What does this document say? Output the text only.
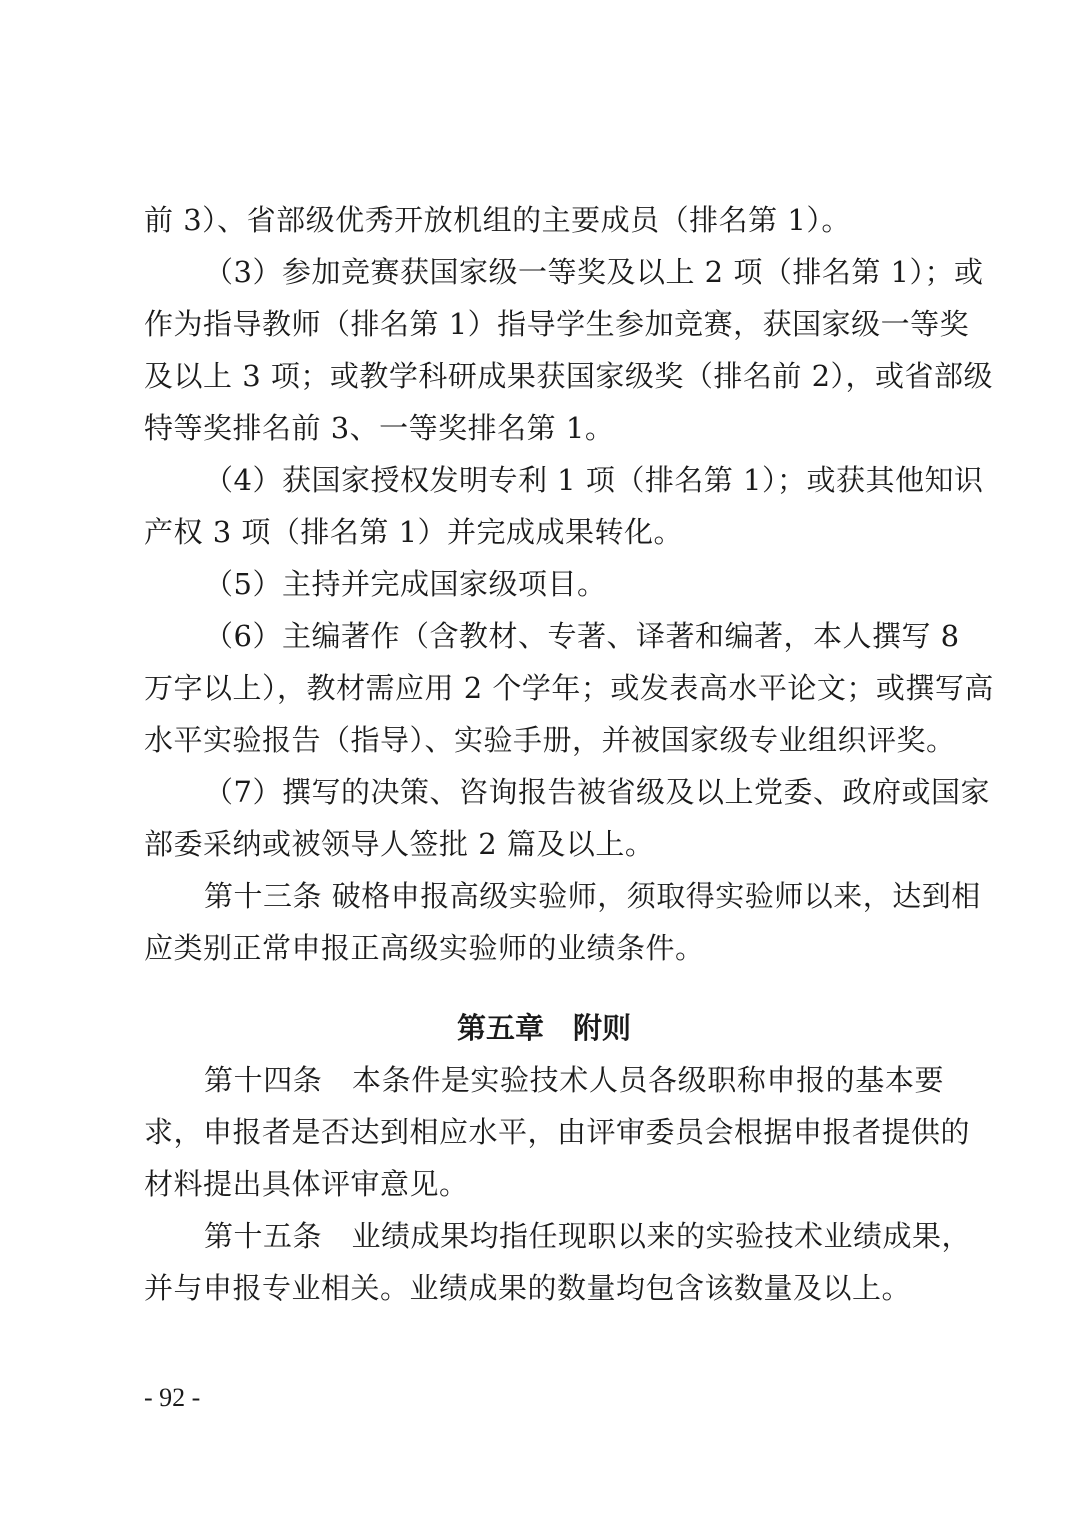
前 3）、省部级优秀开放机组的主要成员（排名第 1）。
（3）参加竞赛获国家级一等奖及以上 2 项（排名第 1）；或
作为指导教师（排名第 1）指导学生参加竞赛，获国家级一等奖
及以上 3 项；或教学科研成果获国家级奖（排名前 2），或省部级
特等奖排名前 3、一等奖排名第 1。
（4）获国家授权发明专利 1 项（排名第 1）；或获其他知识
产权 3 项（排名第 1）并完成成果转化。
（5）主持并完成国家级项目。
（6）主编著作（含教材、专著、译著和编著，本人撰写 8
万字以上），教材需应用 2 个学年；或发表高水平论文；或撰写高
水平实验报告（指导）、实验手册，并被国家级专业组织评奖。
（7）撰写的决策、咨询报告被省级及以上党委、政府或国家
部委采纳或被领导人签批 2 篇及以上。
第十三条 破格申报高级实验师，须取得实验师以来，达到相
应类别正常申报正高级实验师的业绩条件。
第五章　附则
第十四条　本条件是实验技术人员各级职称申报的基本要
求，申报者是否达到相应水平，由评审委员会根据申报者提供的
材料提出具体评审意见。
第十五条　业绩成果均指任现职以来的实验技术业绩成果，
并与申报专业相关。业绩成果的数量均包含该数量及以上。
- 92 -
